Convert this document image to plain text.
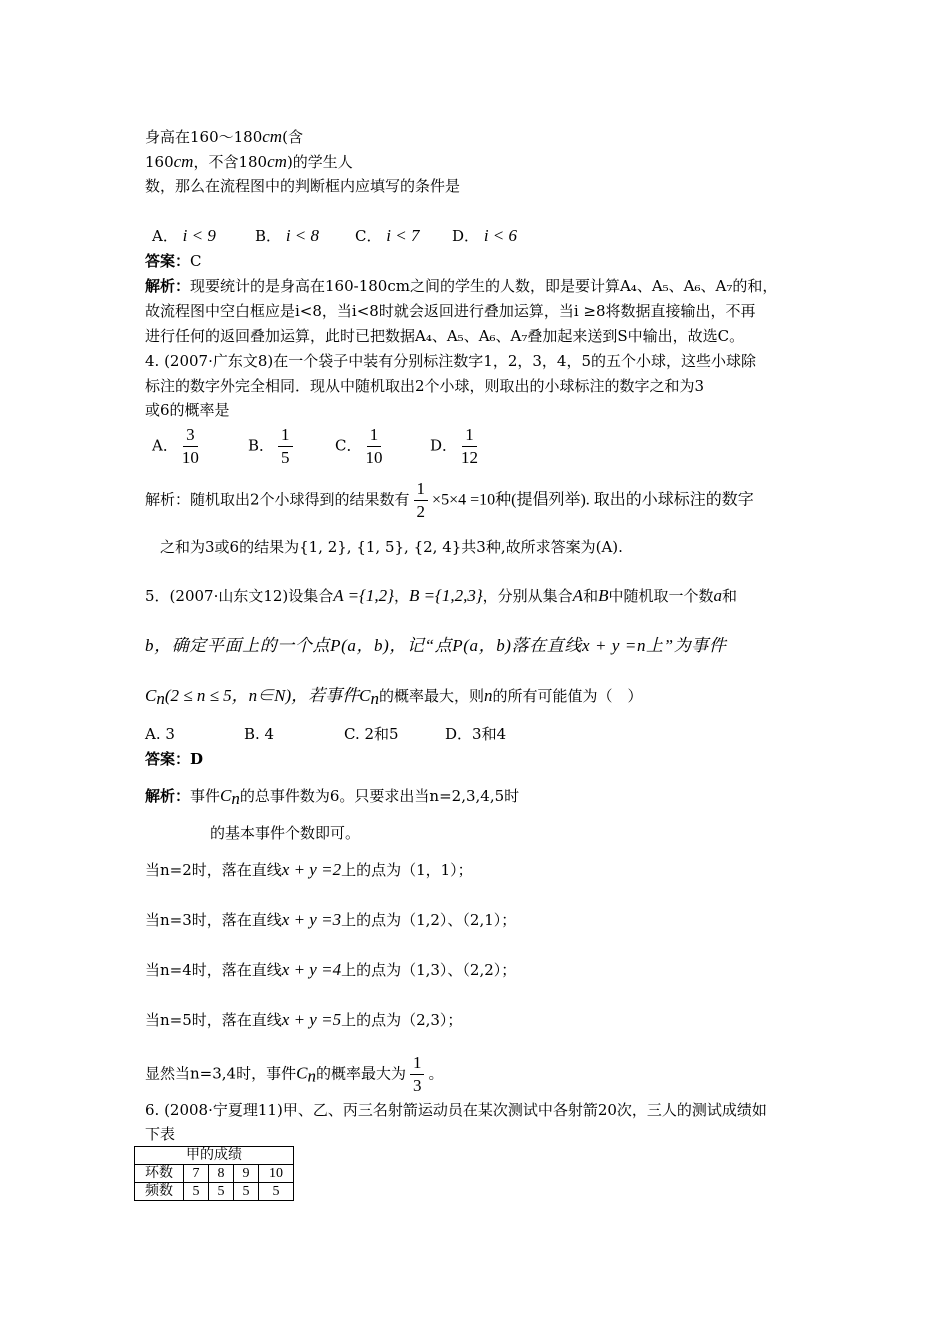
身高在160～180cm(含
160cm，不含180cm)的学生人
数，那么在流程图中的判断框内应填写的条件是
A． i < 9	B． i < 8 C． i < 7 D． i < 6
答案：C
解析：现要统计的是身高在160-180cm之间的学生的人数，即是要计算A₄、A₅、A₆、A₇的和，
故流程图中空白框应是i<8，当i<8时就会返回进行叠加运算，当i ≥8将数据直接输出，不再
进行任何的返回叠加运算，此时已把数据A₄、A₅、A₆、A₇叠加起来送到S中输出，故选C。
4. (2007·广东文8)在一个袋子中装有分别标注数字1，2，3，4，5的五个小球，这些小球除
标注的数字外完全相同．现从中随机取出2个小球，则取出的小球标注的数字之和为3
或6的概率是
A． $\frac{3}{10}$	B． $\frac{1}{5}$	C． $\frac{1}{10}$	D． $\frac{1}{12}$
解析：随机取出2个小球得到的结果数有 $\frac{1}{2} \times 5\times 4 =10$种(提倡列举). 取出的小球标注的数字
之和为3或6的结果为{1, 2}, {1, 5}, {2, 4}共3种,故所求答案为(A).
5．(2007·山东文12)设集合A ={1,2}，B ={1,2,3}，分别从集合A和B中随机取一个数a和
b，确定平面上的一个点P(a，b)，记“点P(a，b)落在直线x + y =n上”为事件
$C_n(2 \le n \le 5$，n∈N)，若事件$C_n$的概率最大，则n的所有可能值为（　）
A. 3	B. 4	C. 2和5	D．3和4
答案：D
解析：事件$C_n$的总事件数为6。只要求出当n=2,3,4,5时
的基本事件个数即可。
当n=2时，落在直线x + y =2上的点为（1，1）；
当n=3时，落在直线x + y =3上的点为（1,2）、（2,1）；
当n=4时，落在直线x + y =4上的点为（1,3）、（2,2）；
当n=5时，落在直线x + y =5上的点为（2,3）；
显然当n=3,4时，事件$C_n$的概率最大为 $\frac{1}{3}$ 。
6. (2008·宁夏理11)甲、乙、丙三名射箭运动员在某次测试中各射箭20次，三人的测试成绩如
下表
甲的成绩				
环数	7	8	9	10
频数	5	5	5	5
